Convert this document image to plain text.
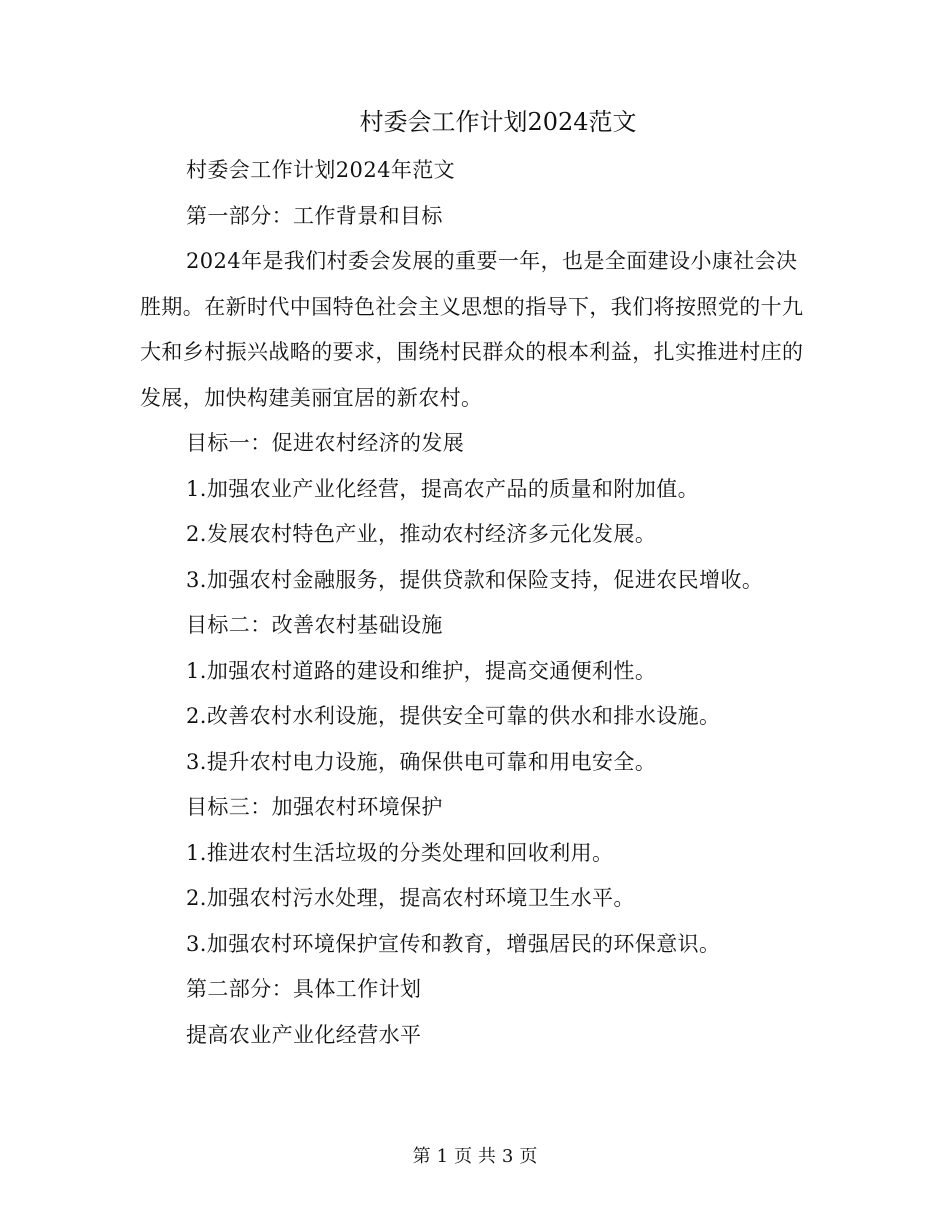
村委会工作计划2024范文

村委会工作计划2024年范文

第一部分：工作背景和目标

2024年是我们村委会发展的重要一年，也是全面建设小康社会决胜期。在新时代中国特色社会主义思想的指导下，我们将按照党的十九大和乡村振兴战略的要求，围绕村民群众的根本利益，扎实推进村庄的发展，加快构建美丽宜居的新农村。

目标一：促进农村经济的发展

1.加强农业产业化经营，提高农产品的质量和附加值。

2.发展农村特色产业，推动农村经济多元化发展。

3.加强农村金融服务，提供贷款和保险支持，促进农民增收。

目标二：改善农村基础设施

1.加强农村道路的建设和维护，提高交通便利性。

2.改善农村水利设施，提供安全可靠的供水和排水设施。

3.提升农村电力设施，确保供电可靠和用电安全。

目标三：加强农村环境保护

1.推进农村生活垃圾的分类处理和回收利用。

2.加强农村污水处理，提高农村环境卫生水平。

3.加强农村环境保护宣传和教育，增强居民的环保意识。

第二部分：具体工作计划

提高农业产业化经营水平

第 1 页 共 3 页
